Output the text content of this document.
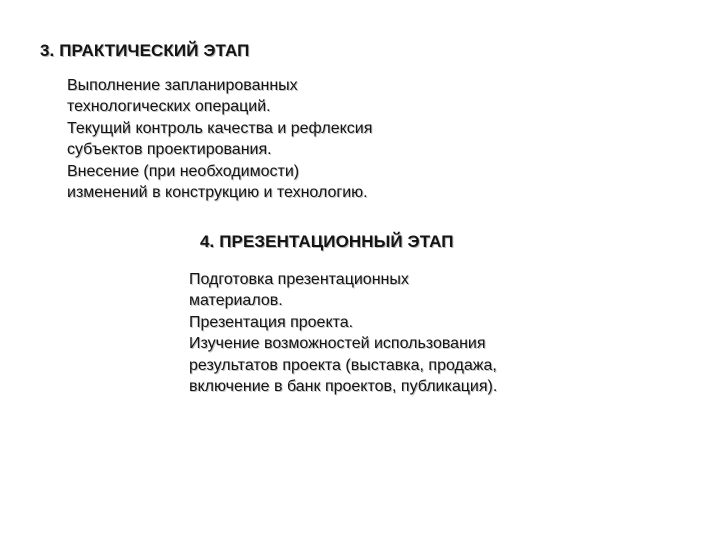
3. ПРАКТИЧЕСКИЙ ЭТАП
Выполнение запланированных
технологических операций.
Текущий контроль качества и рефлексия
субъектов проектирования.
Внесение (при необходимости)
изменений в конструкцию и технологию.
4. ПРЕЗЕНТАЦИОННЫЙ ЭТАП
Подготовка презентационных
материалов.
Презентация проекта.
Изучение возможностей использования
результатов проекта (выставка, продажа,
включение в банк проектов, публикация).
